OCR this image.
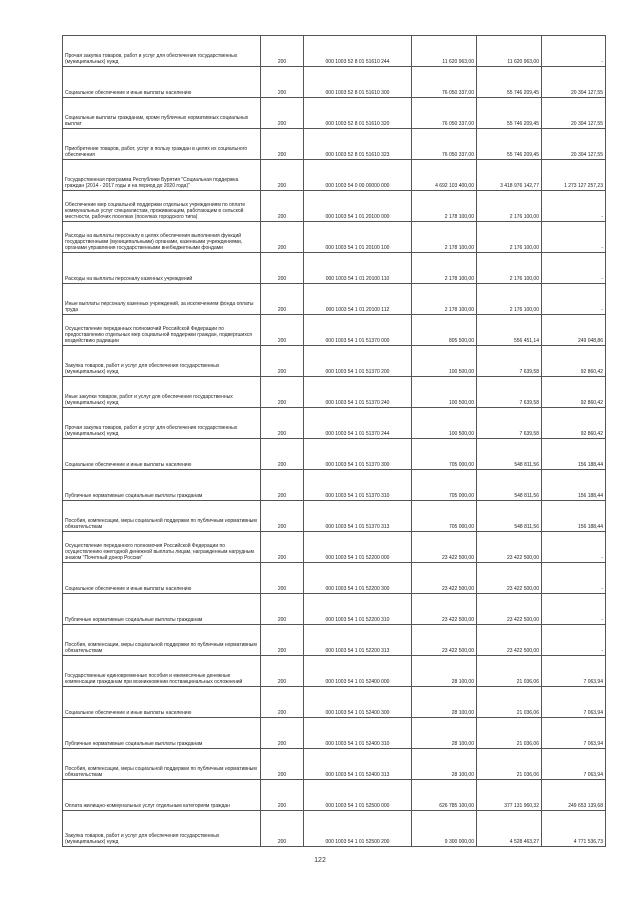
Прочая закупка товаров, работ и услуг для обеспечения государственных (муниципальных) нужд	200	000 1003 52 8 01 51610 244	11 620 963,00	11 620 963,00	-
Социальное обеспечение и иные выплаты населению	200	000 1003 52 8 01 51610 300	76 050 337,00	55 746 209,45	20 304 127,55
Социальные выплаты гражданам, кроме публичных нормативных социальных выплат	200	000 1003 52 8 01 51610 320	76 050 337,00	55 746 209,45	20 304 127,55
Приобретение товаров, работ, услуг в пользу граждан в целях их социального обеспечения	200	000 1003 52 8 01 51610 323	76 050 337,00	55 746 209,45	20 304 127,55
Государственная программа Республики Бурятия "Социальная поддержка граждан (2014 - 2017 годы и на период до 2020 года)"	200	000 1003 54 0 00 00000 000	4 692 103 400,00	3 418 976 142,77	1 273 127 257,23
Обеспечение мер социальной поддержки отдельных учреждениям по оплате коммунальных услуг специалистам, проживающим, работающим в сельской местности, рабочих поселках (поселках городского типа)	200	000 1003 54 1 01 20100 000	2 178 100,00	2 176 100,00	-
Расходы на выплаты персоналу в целях обеспечения выполнения функций государственными (муниципальными) органами, казенными учреждениями, органами управления государственными внебюджетными фондами	200	000 1003 54 1 01 20100 100	2 178 100,00	2 176 100,00	-
Расходы на выплаты персоналу казенных учреждений	200	000 1003 54 1 01 20100 110	2 178 100,00	2 176 100,00	-
Иные выплаты персоналу казенных учреждений, за исключением фонда оплаты труда	200	000 1003 54 1 01 20100 112	2 178 100,00	2 176 100,00	-
Осуществление переданных полномочий Российской Федерации по предоставлению отдельных мер социальной поддержки граждан, подвергшихся воздействию радиации	200	000 1003 54 1 01 51370 000	805 500,00	556 451,14	249 048,86
Закупка товаров, работ и услуг для обеспечения государственных (муниципальных) нужд	200	000 1003 54 1 01 51370 200	100 500,00	7 639,58	92 860,42
Иные закупки товаров, работ и услуг для обеспечения государственных (муниципальных) нужд	200	000 1003 54 1 01 51370 240	100 500,00	7 639,58	92 860,42
Прочая закупка товаров, работ и услуг для обеспечения государственных (муниципальных) нужд	200	000 1003 54 1 01 51370 244	100 500,00	7 639,58	92 860,42
Социальное обеспечение и иные выплаты населению	200	000 1003 54 1 01 51370 300	705 000,00	548 811,56	156 188,44
Публичные нормативные социальные выплаты гражданам	200	000 1003 54 1 01 51370 310	705 000,00	548 811,56	156 188,44
Пособия, компенсации, меры социальной поддержки по публичным нормативным обязательствам	200	000 1003 54 1 01 51370 313	705 000,00	548 811,56	156 188,44
Осуществление переданного полномочия Российской Федерации по осуществлению ежегодной денежной выплаты лицам, награжденным нагрудным знаком "Почетный донор России"	200	000 1003 54 1 01 52200 000	23 422 500,00	23 422 500,00	-
Социальное обеспечение и иные выплаты населению	200	000 1003 54 1 01 52200 300	23 422 500,00	23 422 500,00	-
Публичные нормативные социальные выплаты гражданам	200	000 1003 54 1 01 52200 310	23 422 500,00	23 422 500,00	-
Пособия, компенсации, меры социальной поддержки по публичным нормативным обязательствам	200	000 1003 54 1 01 52200 313	23 422 500,00	23 422 500,00	-
Государственные единовременные пособия и ежемесячные денежные компенсации гражданам при возникновении поствакцинальных осложнений	200	000 1003 54 1 01 52400 000	28 100,00	21 036,06	7 063,94
Социальное обеспечение и иные выплаты населению	200	000 1003 54 1 01 52400 300	28 100,00	21 036,06	7 063,94
Публичные нормативные социальные выплаты гражданам	200	000 1003 54 1 01 52400 310	28 100,00	21 036,06	7 063,94
Пособия, компенсации, меры социальной поддержки по публичным нормативным обязательствам	200	000 1003 54 1 01 52400 313	28 100,00	21 036,06	7 063,94
Оплата жилищно-коммунальных услуг отдельным категориям граждан	200	000 1003 54 1 01 52500 000	626 785 100,00	377 131 960,32	249 653 139,68
Закупка товаров, работ и услуг для обеспечения государственных (муниципальных) нужд	200	000 1003 54 1 01 52500 200	9 300 000,00	4 528 463,27	4 771 536,73
122
